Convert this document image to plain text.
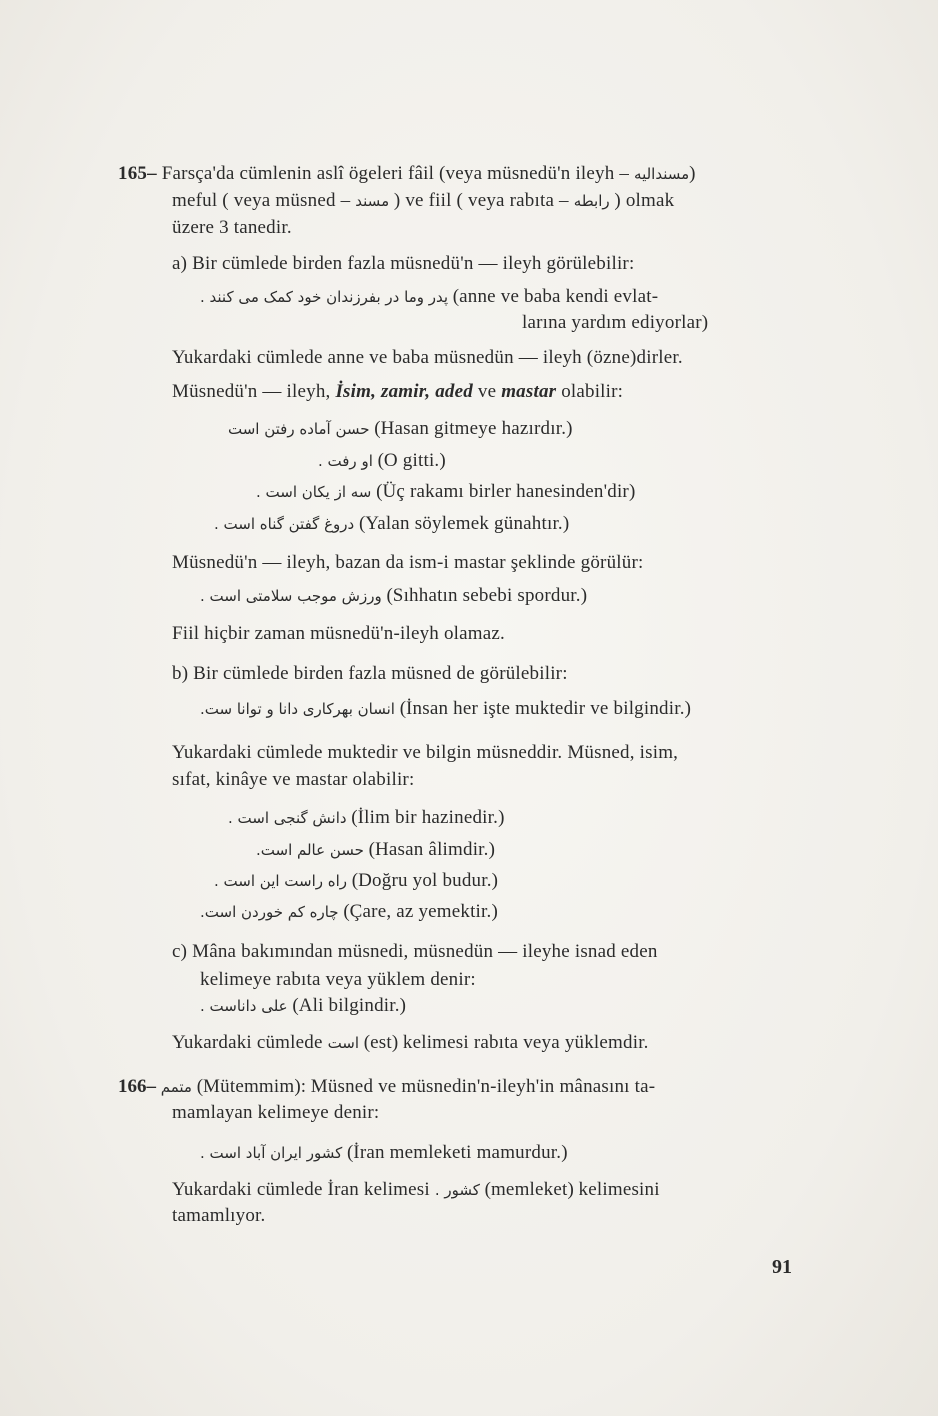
165– Farsça'da cümlenin aslî ögeleri fâil (veya müsnedü'n ileyh – مسندالیه)
meful ( veya müsned – مسند ) ve fiil ( veya rabıta – رابطه ) olmak
üzere 3 tanedir.
a) Bir cümlede birden fazla müsnedü'n — ileyh görülebilir:
پدر وما در بفرزندان خود کمک می کنند . (anne ve baba kendi evlat-
larına yardım ediyorlar)
Yukardaki cümlede anne ve baba müsnedün — ileyh (özne)dirler.
Müsnedü'n — ileyh, İsim, zamir, aded ve mastar olabilir:
حسن آماده رفتن است (Hasan gitmeye hazırdır.)
او رفت . (O gitti.)
سه از یکان است . (Üç rakamı birler hanesinden'dir)
دروغ گفتن گناه است . (Yalan söylemek günahtır.)
Müsnedü'n — ileyh, bazan da ism-i mastar şeklinde görülür:
ورزش موجب سلامتی است . (Sıhhatın sebebi spordur.)
Fiil hiçbir zaman müsnedü'n-ileyh olamaz.
b) Bir cümlede birden fazla müsned de görülebilir:
انسان بهرکاری دانا و توانا ست. (İnsan her işte muktedir ve bilgindir.)
Yukardaki cümlede muktedir ve bilgin müsneddir. Müsned, isim,
sıfat, kinâye ve mastar olabilir:
دانش گنجی است . (İlim bir hazinedir.)
حسن عالم است. (Hasan âlimdir.)
راه راست این است . (Doğru yol budur.)
چاره کم خوردن است. (Çare, az yemektir.)
c) Mâna bakımından müsnedi, müsnedün — ileyhe isnad eden
kelimeye rabıta veya yüklem denir:
علی داناست . (Ali bilgindir.)
Yukardaki cümlede است (est) kelimesi rabıta veya yüklemdir.
166– متمم (Mütemmim): Müsned ve müsnedin'n-ileyh'in mânasını ta-
mamlayan kelimeye denir:
کشور ایران آباد است . (İran memleketi mamurdur.)
Yukardaki cümlede İran kelimesi کشور . (memleket) kelimesini
tamamlıyor.
91
